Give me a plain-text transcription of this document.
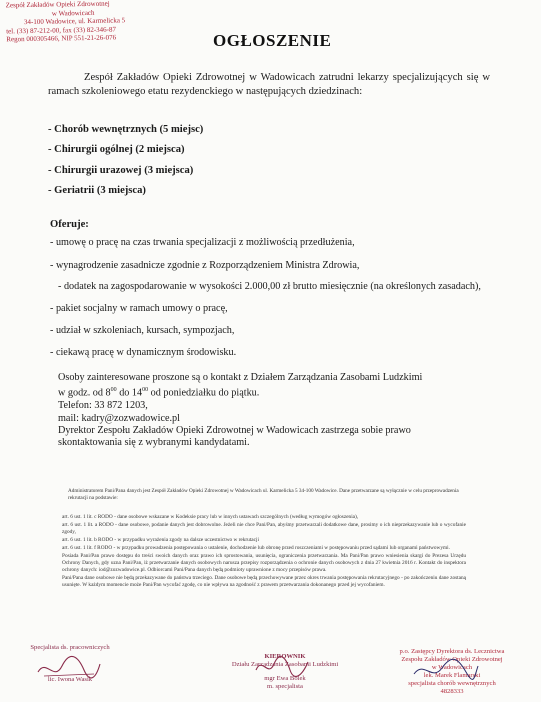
Zespół Zakładów Opieki Zdrowotnej
w Wadowicach
34-100 Wadowice, ul. Karmelicka 5
tel. (33) 87-212-00, fax (33) 82-346-87
Regon 000305466, NIP 551-21-26-076	OGŁOSZENIE

Zespół Zakładów Opieki Zdrowotnej w Wadowicach zatrudni lekarzy specjalizujących się w ramach szkoleniowego etatu rezydenckiego w następujących dziedzinach:

- Chorób wewnętrznych (5 miejsc)
- Chirurgii ogólnej (2 miejsca)
- Chirurgii urazowej (3 miejsca)
- Geriatrii (3 miejsca)
Oferuje:
- umowę o pracę na czas trwania specjalizacji z możliwością przedłużenia,
- wynagrodzenie zasadnicze zgodnie z Rozporządzeniem Ministra Zdrowia,
- dodatek na zagospodarowanie w wysokości 2.000,00 zł brutto miesięcznie (na określonych zasadach),
- pakiet socjalny w ramach umowy o pracę,
- udział w szkoleniach, kursach, sympozjach,
- ciekawą pracę w dynamicznym środowisku.
Osoby zainteresowane proszone są o kontakt z Działem Zarządzania Zasobami Ludzkimi
w godz. od $8^{00}$ do $14^{00}$ od poniedziałku do piątku.
Telefon: 33 872 1203,
mail: kadry@zozwadowice.pl
Dyrektor Zespołu Zakładów Opieki Zdrowotnej w Wadowicach zastrzega sobie prawo
skontaktowania się z wybranymi kandydatami.

Administratorem Pani/Pana danych jest Zespół Zakładów Opieki Zdrowotnej w Wadowicach ul. Karmelicka 5 34-100 Wadowice. Dane przetwarzane są wyłącznie w celu przeprowadzenia rekrutacji na podstawie:

art. 6 ust. 1 lit. c RODO - dane osobowe wskazane w Kodeksie pracy lub w innych ustawach szczególnych (według wymogów ogłoszenia),
art. 6 ust. 1 lit. a RODO - dane osobowe, podanie danych jest dobrowolne. Jeżeli nie chce Pani/Pan, abyśmy przetwarzali dodatkowe dane, prosimy o ich nieprzekazywanie lub o wycofanie zgody,
art. 6 ust. 1 lit. b RODO - w przypadku wyrażenia zgody na dalsze uczestnictwo w rekrutacji
art. 6 ust. 1 lit. f RODO - w przypadku prowadzenia postępowania o ustalenie, dochodzenie lub obronę przed roszczeniami w postępowaniu przed sądami lub organami państwowymi.
Posiada Pani/Pan prawo dostępu do treści swoich danych oraz prawo ich sprostowania, usunięcia, ograniczenia przetwarzania. Ma Pani/Pan prawo wniesienia skargi do Prezesa Urzędu Ochrony Danych, gdy uzna Pani/Pan, iż przetwarzanie danych osobowych narusza przepisy rozporządzenia o ochronie danych osobowych z dnia 27 kwietnia 2016 r. Kontakt do inspektora ochrony danych: iod@zozwadowice.pl. Odbiorcami Pani/Pana danych będą podmioty uprawnione z mocy przepisów prawa.
Pani/Pana dane osobowe nie będą przekazywane do państwa trzeciego. Dane osobowe będą przechowywane przez okres trwania postępowania rekrutacyjnego - po zakończeniu dane zostaną usunięte. W każdym momencie może Pani/Pan wycofać zgodę, co nie wpływa na zgodność z prawem przetwarzania dokonanego przed jej wycofaniem.
Specjalista ds. pracowniczych
lic. Iwona Wasik
KIEROWNIK
Działu Zarządzania Zasobami Ludzkimi
mgr Ewa Bolek
m. specjalista
p.o. Zastępcy Dyrektora ds. Lecznictwa
Zespołu Zakładów Opieki Zdrowotnej
w Wadowicach
lek. Marek Flamarski
specjalista chorób wewnętrznych
4828333
